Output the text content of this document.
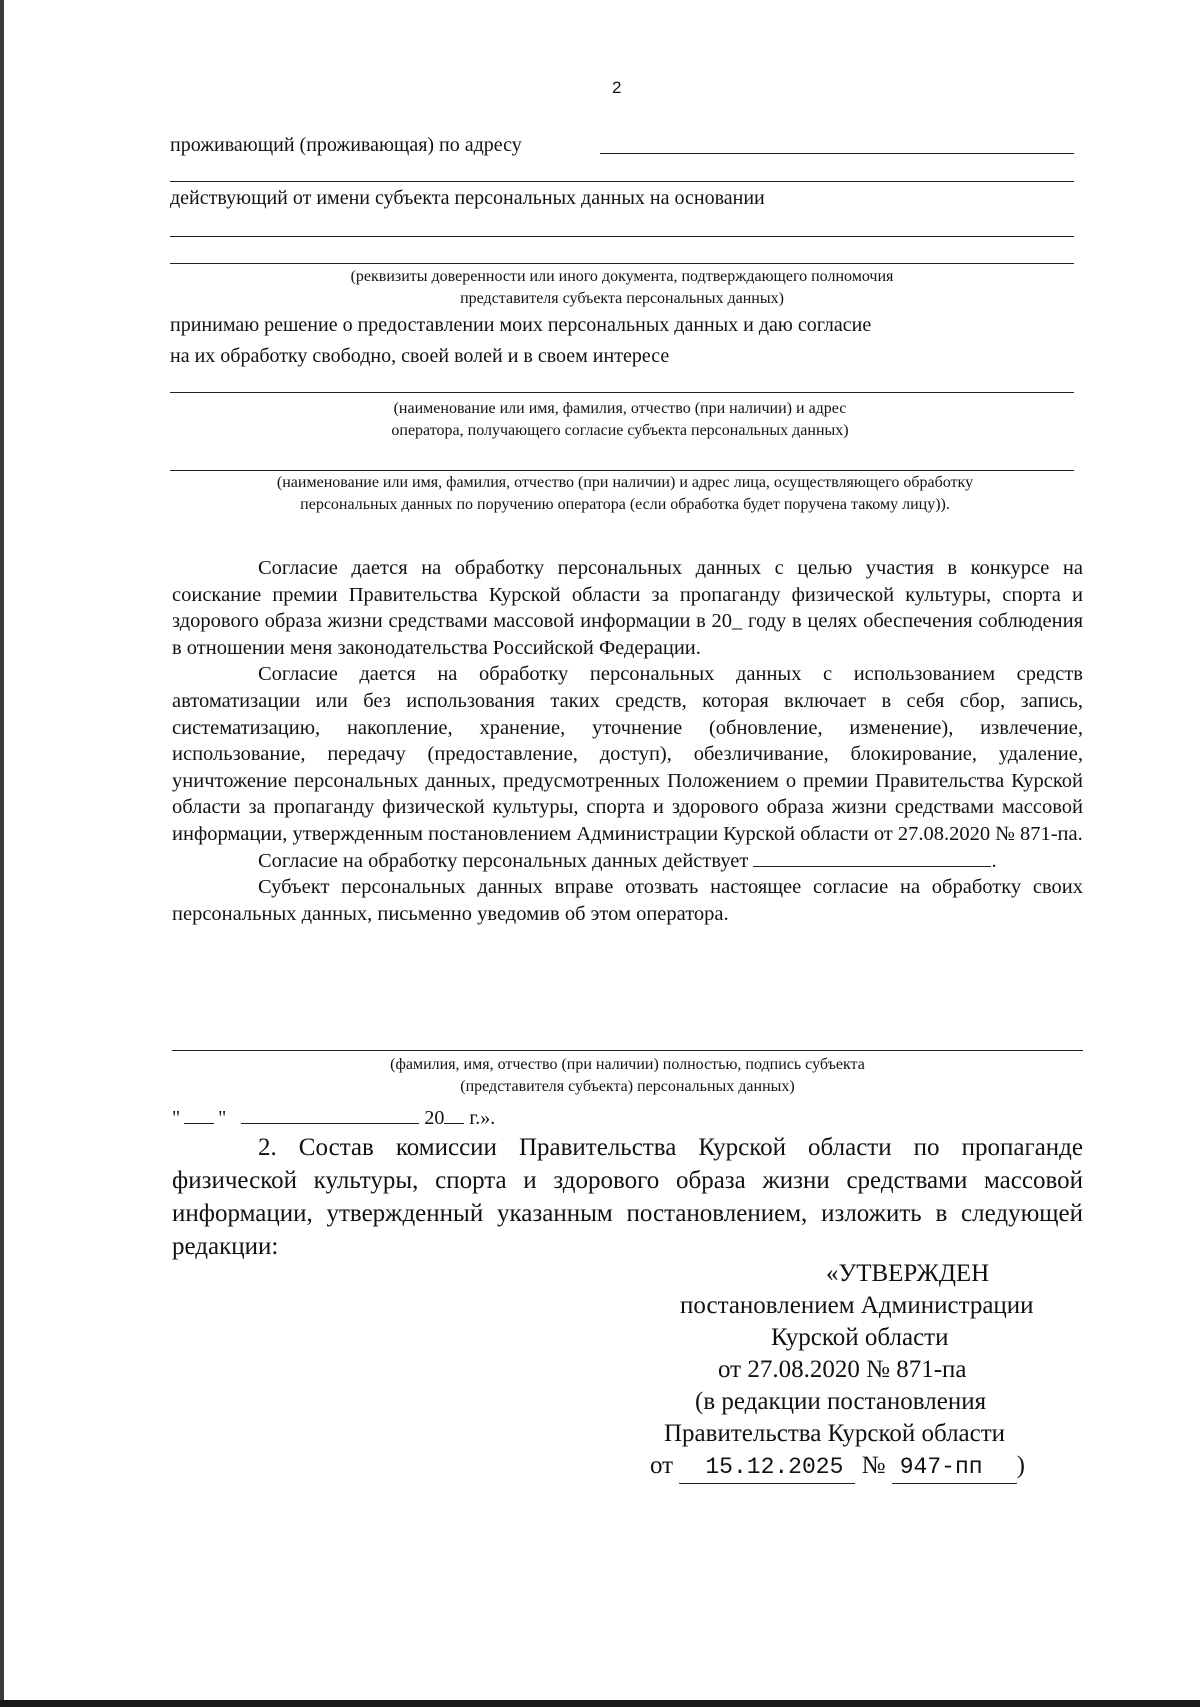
2
проживающий (проживающая) по адресу
действующий от имени субъекта персональных данных на основании
(реквизиты доверенности или иного документа, подтверждающего полномочия
представителя субъекта персональных данных)
принимаю решение о предоставлении моих персональных данных и даю согласие
на их обработку свободно, своей волей и в своем интересе
(наименование или имя, фамилия, отчество (при наличии) и адрес
оператора, получающего согласие субъекта персональных данных)
(наименование или имя, фамилия, отчество (при наличии) и адрес лица, осуществляющего обработку
персональных данных по поручению оператора (если обработка будет поручена такому лицу)).

Согласие дается на обработку персональных данных с целью участия в конкурсе на соискание премии Правительства Курской области за пропаганду физической культуры, спорта и здорового образа жизни средствами массовой информации в 20_ году в целях обеспечения соблюдения в отношении меня законодательства Российской Федерации.

Согласие дается на обработку персональных данных с использованием средств автоматизации или без использования таких средств, которая включает в себя сбор, запись, систематизацию, накопление, хранение, уточнение (обновление, изменение), извлечение, использование, передачу (предоставление, доступ), обезличивание, блокирование, удаление, уничтожение персональных данных, предусмотренных Положением о премии Правительства Курской области за пропаганду физической культуры, спорта и здорового образа жизни средствами массовой информации, утвержденным постановлением Администрации Курской области от 27.08.2020 № 871-па.

Согласие на обработку персональных данных действует	.

Субъект персональных данных вправе отозвать настоящее согласие на обработку своих персональных данных, письменно уведомив об этом оператора.

(фамилия, имя, отчество (при наличии) полностью, подпись субъекта
(представителя субъекта) персональных данных)
" "	20 г.».

2. Состав комиссии Правительства Курской области по пропаганде физической культуры, спорта и здорового образа жизни средствами массовой информации, утвержденный указанным постановлением, изложить в следующей редакции:

«УТВЕРЖДЕН
постановлением Администрации
Курской области
от 27.08.2020 № 871-па
(в редакции постановления
Правительства Курской области
от 15.12.2025 № 947-пп )
